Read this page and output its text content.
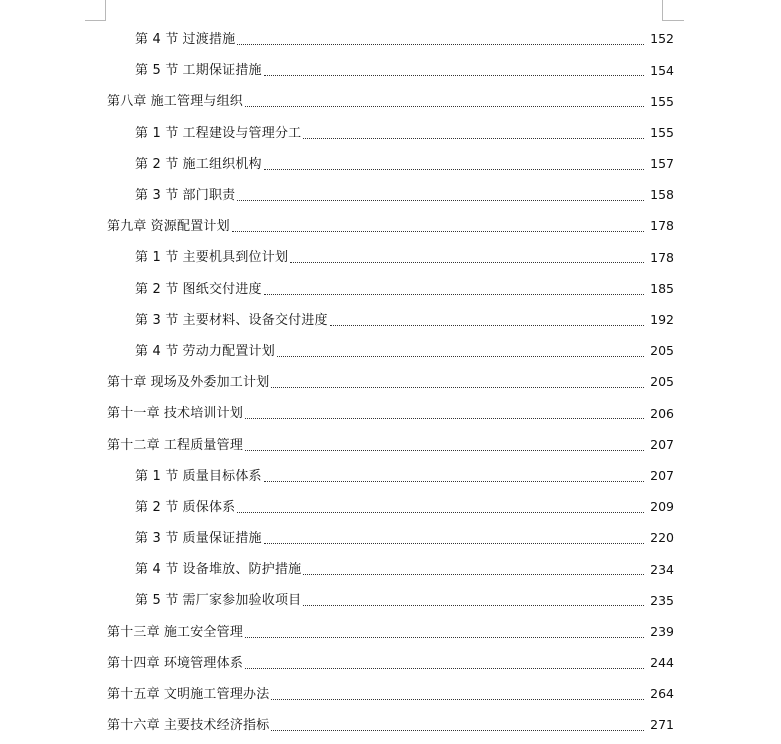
第 4 节 过渡措施	152
第 5 节 工期保证措施	154
第八章 施工管理与组织	155
第 1 节 工程建设与管理分工	155
第 2 节 施工组织机构	157
第 3 节 部门职责	158
第九章 资源配置计划	178
第 1 节 主要机具到位计划	178
第 2 节 图纸交付进度	185
第 3 节 主要材料、设备交付进度	192
第 4 节 劳动力配置计划	205
第十章 现场及外委加工计划	205
第十一章 技术培训计划	206
第十二章 工程质量管理	207
第 1 节 质量目标体系	207
第 2 节 质保体系	209
第 3 节 质量保证措施	220
第 4 节 设备堆放、防护措施	234
第 5 节 需厂家参加验收项目	235
第十三章 施工安全管理	239
第十四章 环境管理体系	244
第十五章 文明施工管理办法	264
第十六章 主要技术经济指标	271
